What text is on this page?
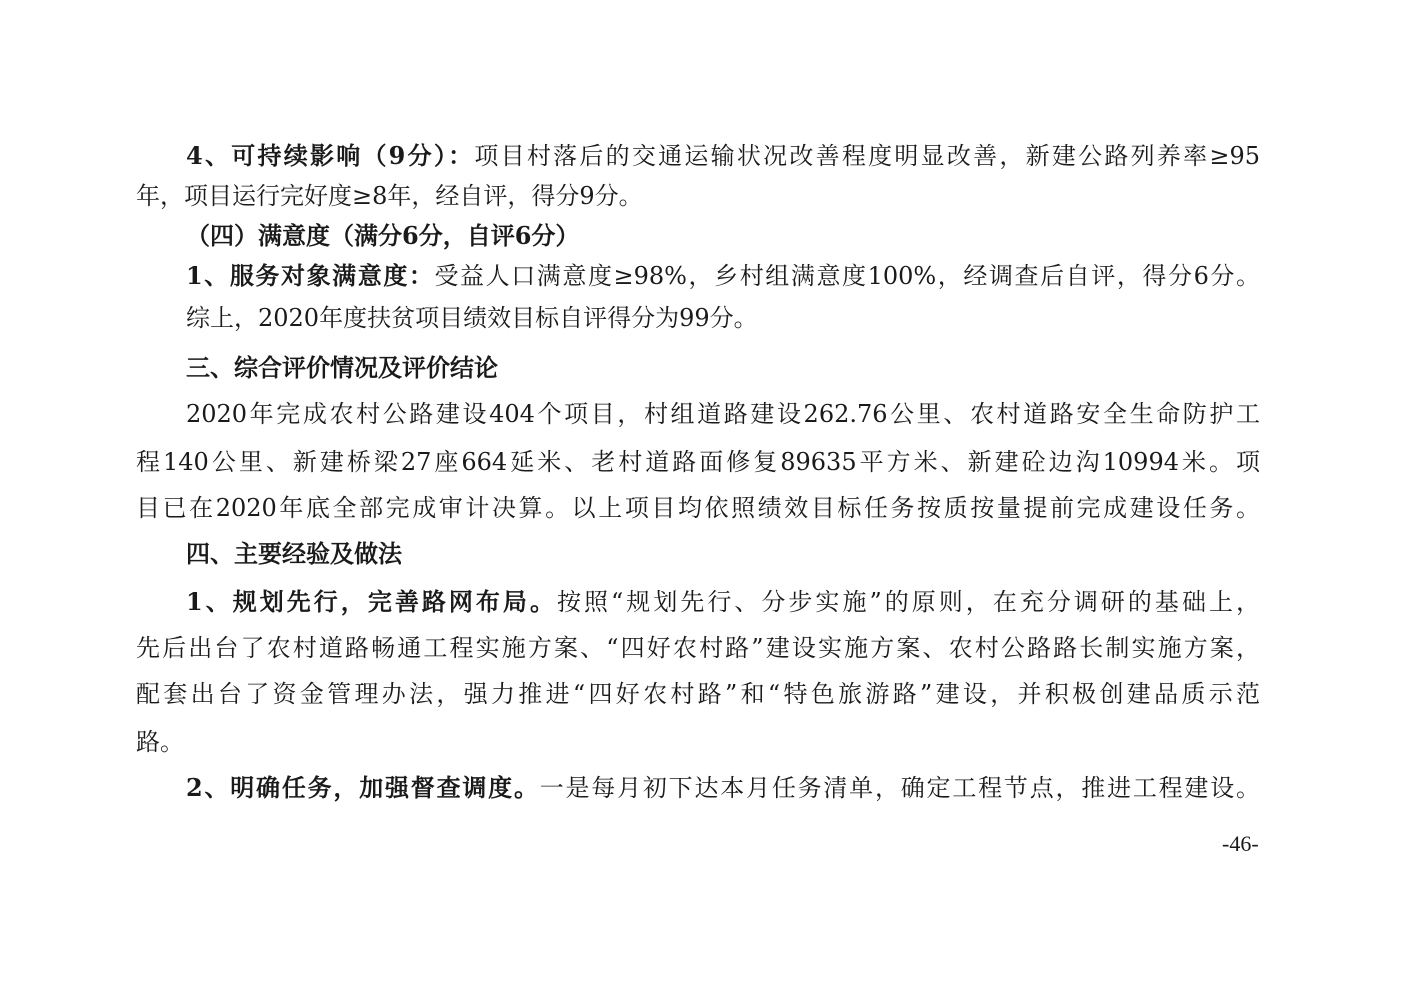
4、可持续影响（9分）：项目村落后的交通运输状况改善程度明显改善，新建公路列养率≥95
年，项目运行完好度≥8年，经自评，得分9分。
（四）满意度（满分6分，自评6分）
1、服务对象满意度：受益人口满意度≥98%，乡村组满意度100%，经调查后自评，得分6分。
综上，2020年度扶贫项目绩效目标自评得分为99分。
三、综合评价情况及评价结论
2020年完成农村公路建设404个项目，村组道路建设262.76公里、农村道路安全生命防护工
程140公里、新建桥梁27座664延米、老村道路面修复89635平方米、新建砼边沟10994米。项
目已在2020年底全部完成审计决算。以上项目均依照绩效目标任务按质按量提前完成建设任务。
四、主要经验及做法
1、规划先行，完善路网布局。按照“规划先行、分步实施”的原则，在充分调研的基础上，
先后出台了农村道路畅通工程实施方案、“四好农村路”建设实施方案、农村公路路长制实施方案，
配套出台了资金管理办法，强力推进“四好农村路”和“特色旅游路”建设，并积极创建品质示范
路。
2、明确任务，加强督查调度。一是每月初下达本月任务清单，确定工程节点，推进工程建设。
-46-
